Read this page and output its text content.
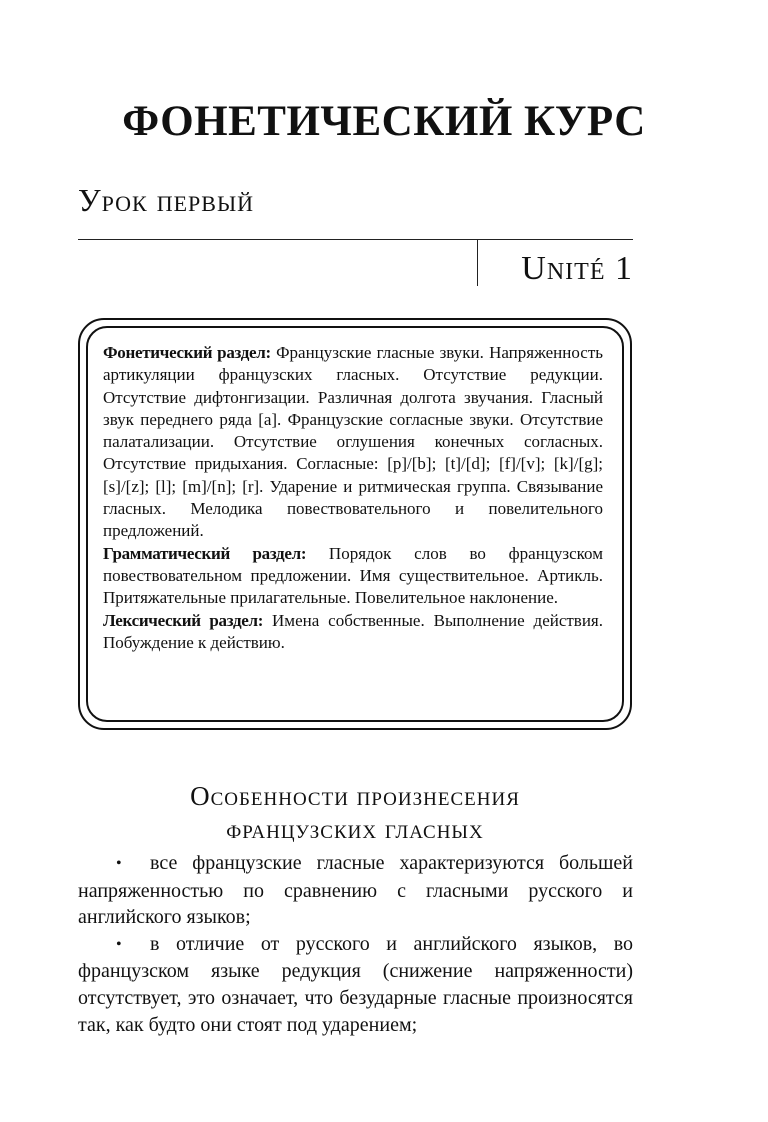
ФОНЕТИЧЕСКИЙ КУРС
Урок первый
Unité 1

Фонетический раздел: Французские гласные звуки. Напряженность артикуляции французских гласных. Отсутствие редукции. Отсутствие дифтонгизации. Различная долгота звучания. Гласный звук переднего ряда [a]. Французские согласные звуки. Отсутствие палатализации. Отсутствие оглушения конечных согласных. Отсутствие придыхания. Согласные: [p]/[b]; [t]/[d]; [f]/[v]; [k]/[g]; [s]/[z]; [l]; [m]/[n]; [r]. Ударение и ритмическая группа. Связывание гласных. Мелодика повествовательного и повелительного предложений.

Грамматический раздел: Порядок слов во французском повествовательном предложении. Имя существительное. Артикль. Притяжательные прилагательные. Повелительное наклонение.

Лексический раздел: Имена собственные. Выполнение действия. Побуждение к действию.

Особенности произнесения
французских гласных
• все французские гласные характеризуются большей напряженностью по сравнению с гласными русского и английского языков;
• в отличие от русского и английского языков, во французском языке редукция (снижение напряженности) отсутствует, это означает, что безударные гласные произносятся так, как будто они стоят под ударением;
